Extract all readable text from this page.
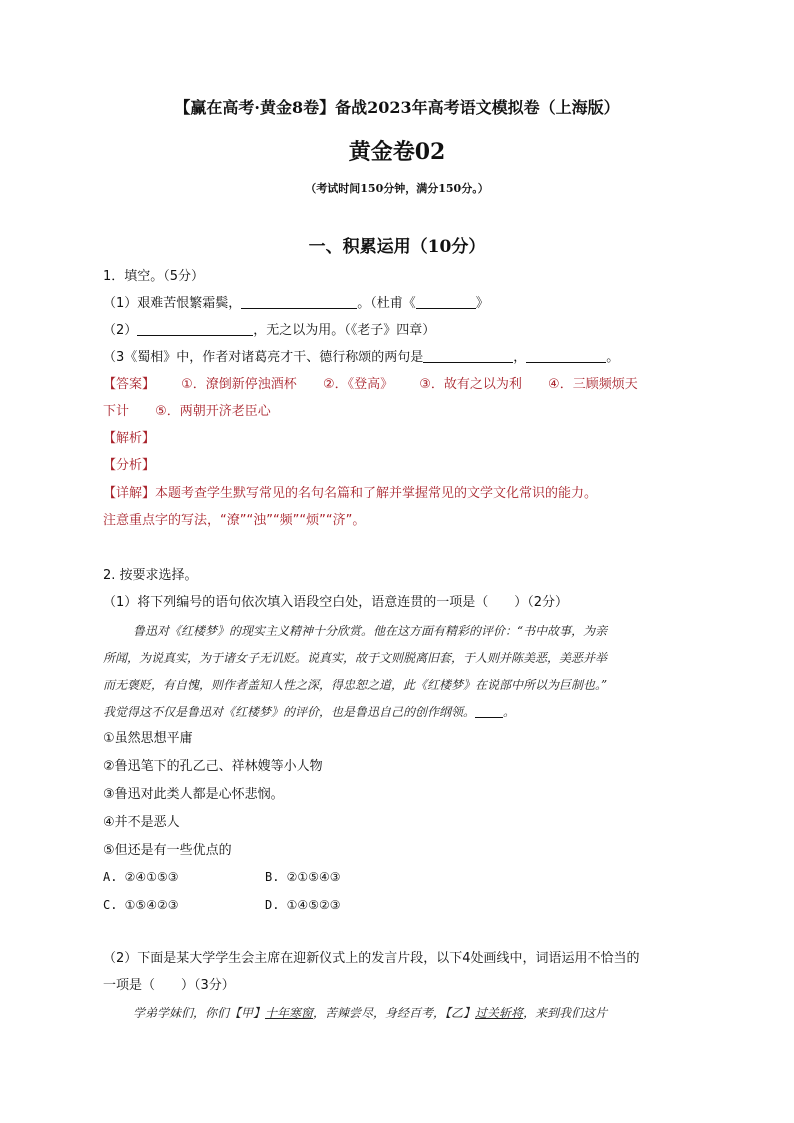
【赢在高考·黄金8卷】备战2023年高考语文模拟卷（上海版）
黄金卷02
（考试时间150分钟，满分150分。）
一、积累运用（10分）
1．填空。（5分）
（1）艰难苦恨繁霜鬓，	。（杜甫《	》
（2）	，无之以为用。（《老子》四章）
（3《蜀相》中，作者对诸葛亮才干、德行称颂的两句是	，	。
【答案】 ①．潦倒新停浊酒杯 ②．《登高》 ③．故有之以为利 ④．三顾频烦天
下计 ⑤．两朝开济老臣心
【解析】
【分析】
【详解】本题考查学生默写常见的名句名篇和了解并掌握常见的文学文化常识的能力。
注意重点字的写法，“潦”“浊”“频”“烦”“济”。
2. 按要求选择。
（1）将下列编号的语句依次填入语段空白处，语意连贯的一项是（　　）（2分）
鲁迅对《红楼梦》的现实主义精神十分欣赏。他在这方面有精彩的评价：“书中故事，为亲
所闻，为说真实，为于诸女子无讥贬。说真实，故于文则脱离旧套，于人则并陈美恶，美恶并举
而无褒贬，有自愧，则作者盖知人性之深，得忠恕之道，此《红楼梦》在说部中所以为巨制也。”
我觉得这不仅是鲁迅对《红楼梦》的评价，也是鲁迅自己的创作纲领。 。
①虽然思想平庸
②鲁迅笔下的孔乙己、祥林嫂等小人物
③鲁迅对此类人都是心怀悲悯。
④并不是恶人
⑤但还是有一些优点的
A. ②④①⑤③	B. ②①⑤④③
C. ①⑤④②③	D. ①④⑤②③
（2）下面是某大学学生会主席在迎新仪式上的发言片段，以下4处画线中，词语运用不恰当的
一项是（　　）（3分）
学弟学妹们，你们【甲】十年寒窗，苦辣尝尽，身经百考，【乙】过关斩将，来到我们这片
